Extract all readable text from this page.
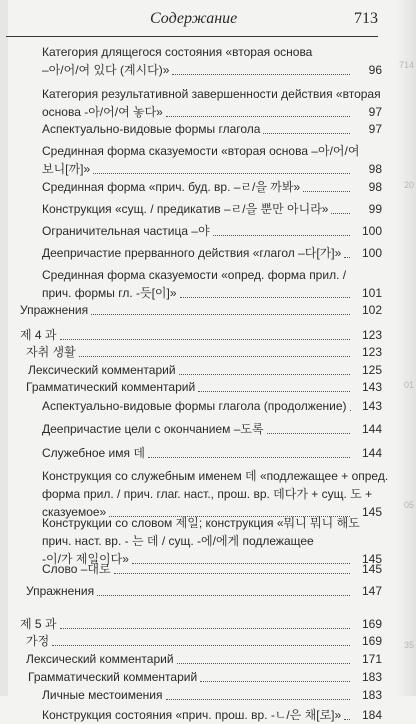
Содержание	713
Категория длящегося состояния «вторая основа
–아/어/여 있다 (계시다)»	96
Категория результативной завершенности действия «вторая
основа -아/어/여 놓다»	97
Аспектуально-видовые формы глагола	97
Срединная форма сказуемости «вторая основа –아/어/여
보니[까]»	98
Срединная форма «прич. буд. вр. –ㄹ/을 까봐»	98
Конструкция «сущ. / предикатив –ㄹ/을 뿐만 아니라»	99
Ограничительная частица –야	100
Деепричастие прерванного действия «глагол –다[가]»	100
Срединная форма сказуемости «опред. форма прил. /
прич. формы гл. -듯[이]»	101
Упражнения	102
제 4 과	123
자취 생활	123
Лексический комментарий	125
Грамматический комментарий	143
Аспектуально-видовые формы глагола (продолжение)	143
Деепричастие цели с окончанием –도록	144
Служебное имя 데	144
Конструкция со служебным именем 데 «подлежащее + опред.
форма прил. / прич. глаг. наст., прош. вр. 데다가 + сущ. 도 +
сказуемое»	145
Конструкции со словом 제일; конструкция «뭐니 뭐니 해도
прич. наст. вр. - 는 데 / сущ. -에/에게 подлежащее
-이/가 제일이다»	145
Слово –대로	145
Упражнения	147
제 5 과	169
가정	169
Лексический комментарий	171
Грамматический комментарий	183
Личные местоимения	183
Конструкция состояния «прич. прош. вр. -ㄴ/은 채[로]»	184
714
20
01
05
35
